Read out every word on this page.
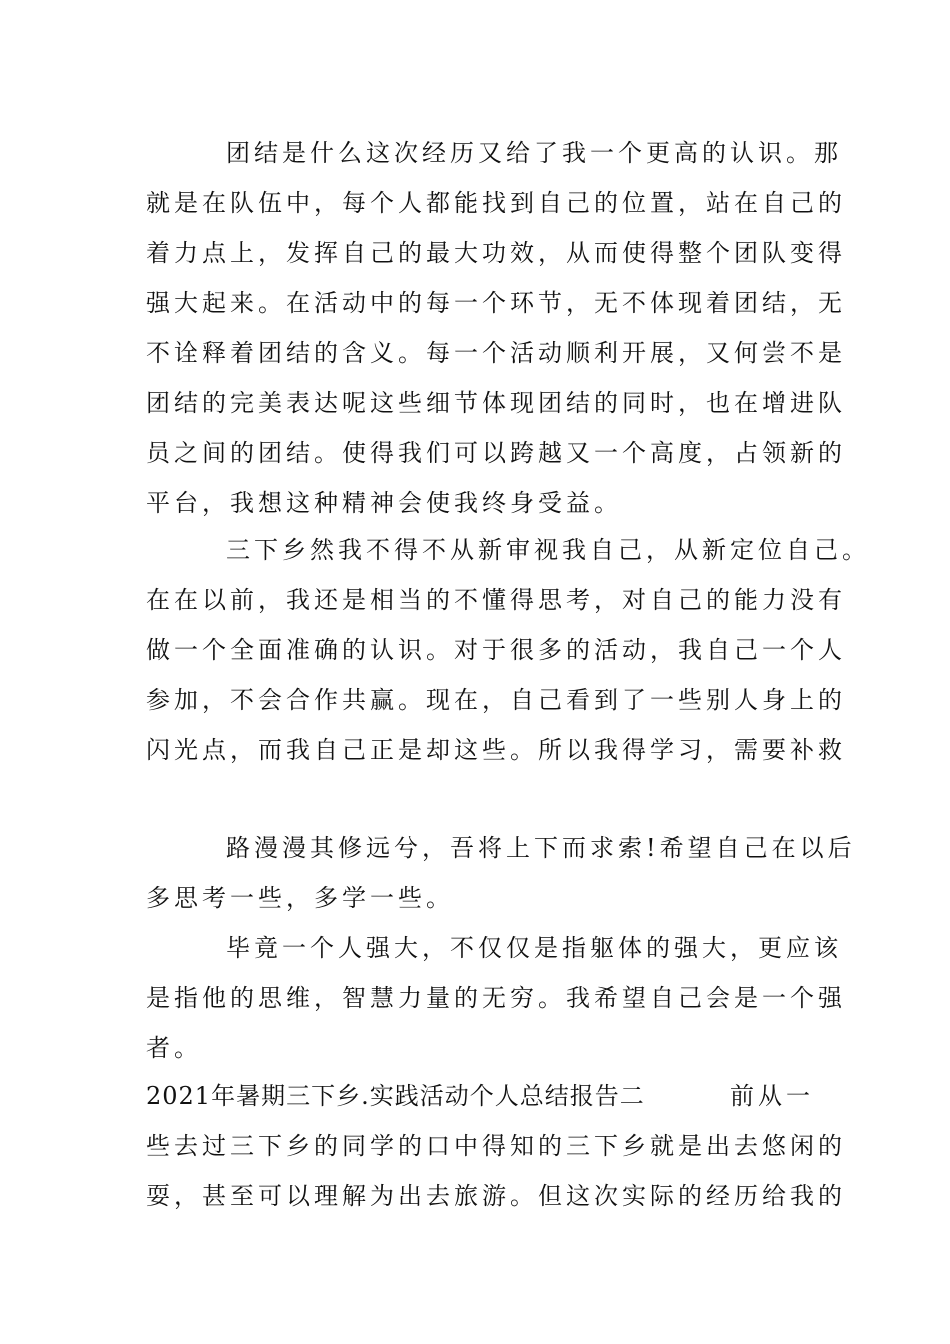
团结是什么这次经历又给了我一个更高的认识。那
就是在队伍中，每个人都能找到自己的位置，站在自己的
着力点上，发挥自己的最大功效，从而使得整个团队变得
强大起来。在活动中的每一个环节，无不体现着团结，无
不诠释着团结的含义。每一个活动顺利开展，又何尝不是
团结的完美表达呢这些细节体现团结的同时，也在增进队
员之间的团结。使得我们可以跨越又一个高度，占领新的
平台，我想这种精神会使我终身受益。
三下乡然我不得不从新审视我自己，从新定位自己。
在在以前，我还是相当的不懂得思考，对自己的能力没有
做一个全面准确的认识。对于很多的活动，我自己一个人
参加，不会合作共赢。现在，自己看到了一些别人身上的
闪光点，而我自己正是却这些。所以我得学习，需要补救
路漫漫其修远兮，吾将上下而求索!希望自己在以后
多思考一些，多学一些。
毕竟一个人强大，不仅仅是指躯体的强大，更应该
是指他的思维，智慧力量的无穷。我希望自己会是一个强
者。
2021年暑期三下乡.实践活动个人总结报告二	前从一
些去过三下乡的同学的口中得知的三下乡就是出去悠闲的
耍，甚至可以理解为出去旅游。但这次实际的经历给我的
